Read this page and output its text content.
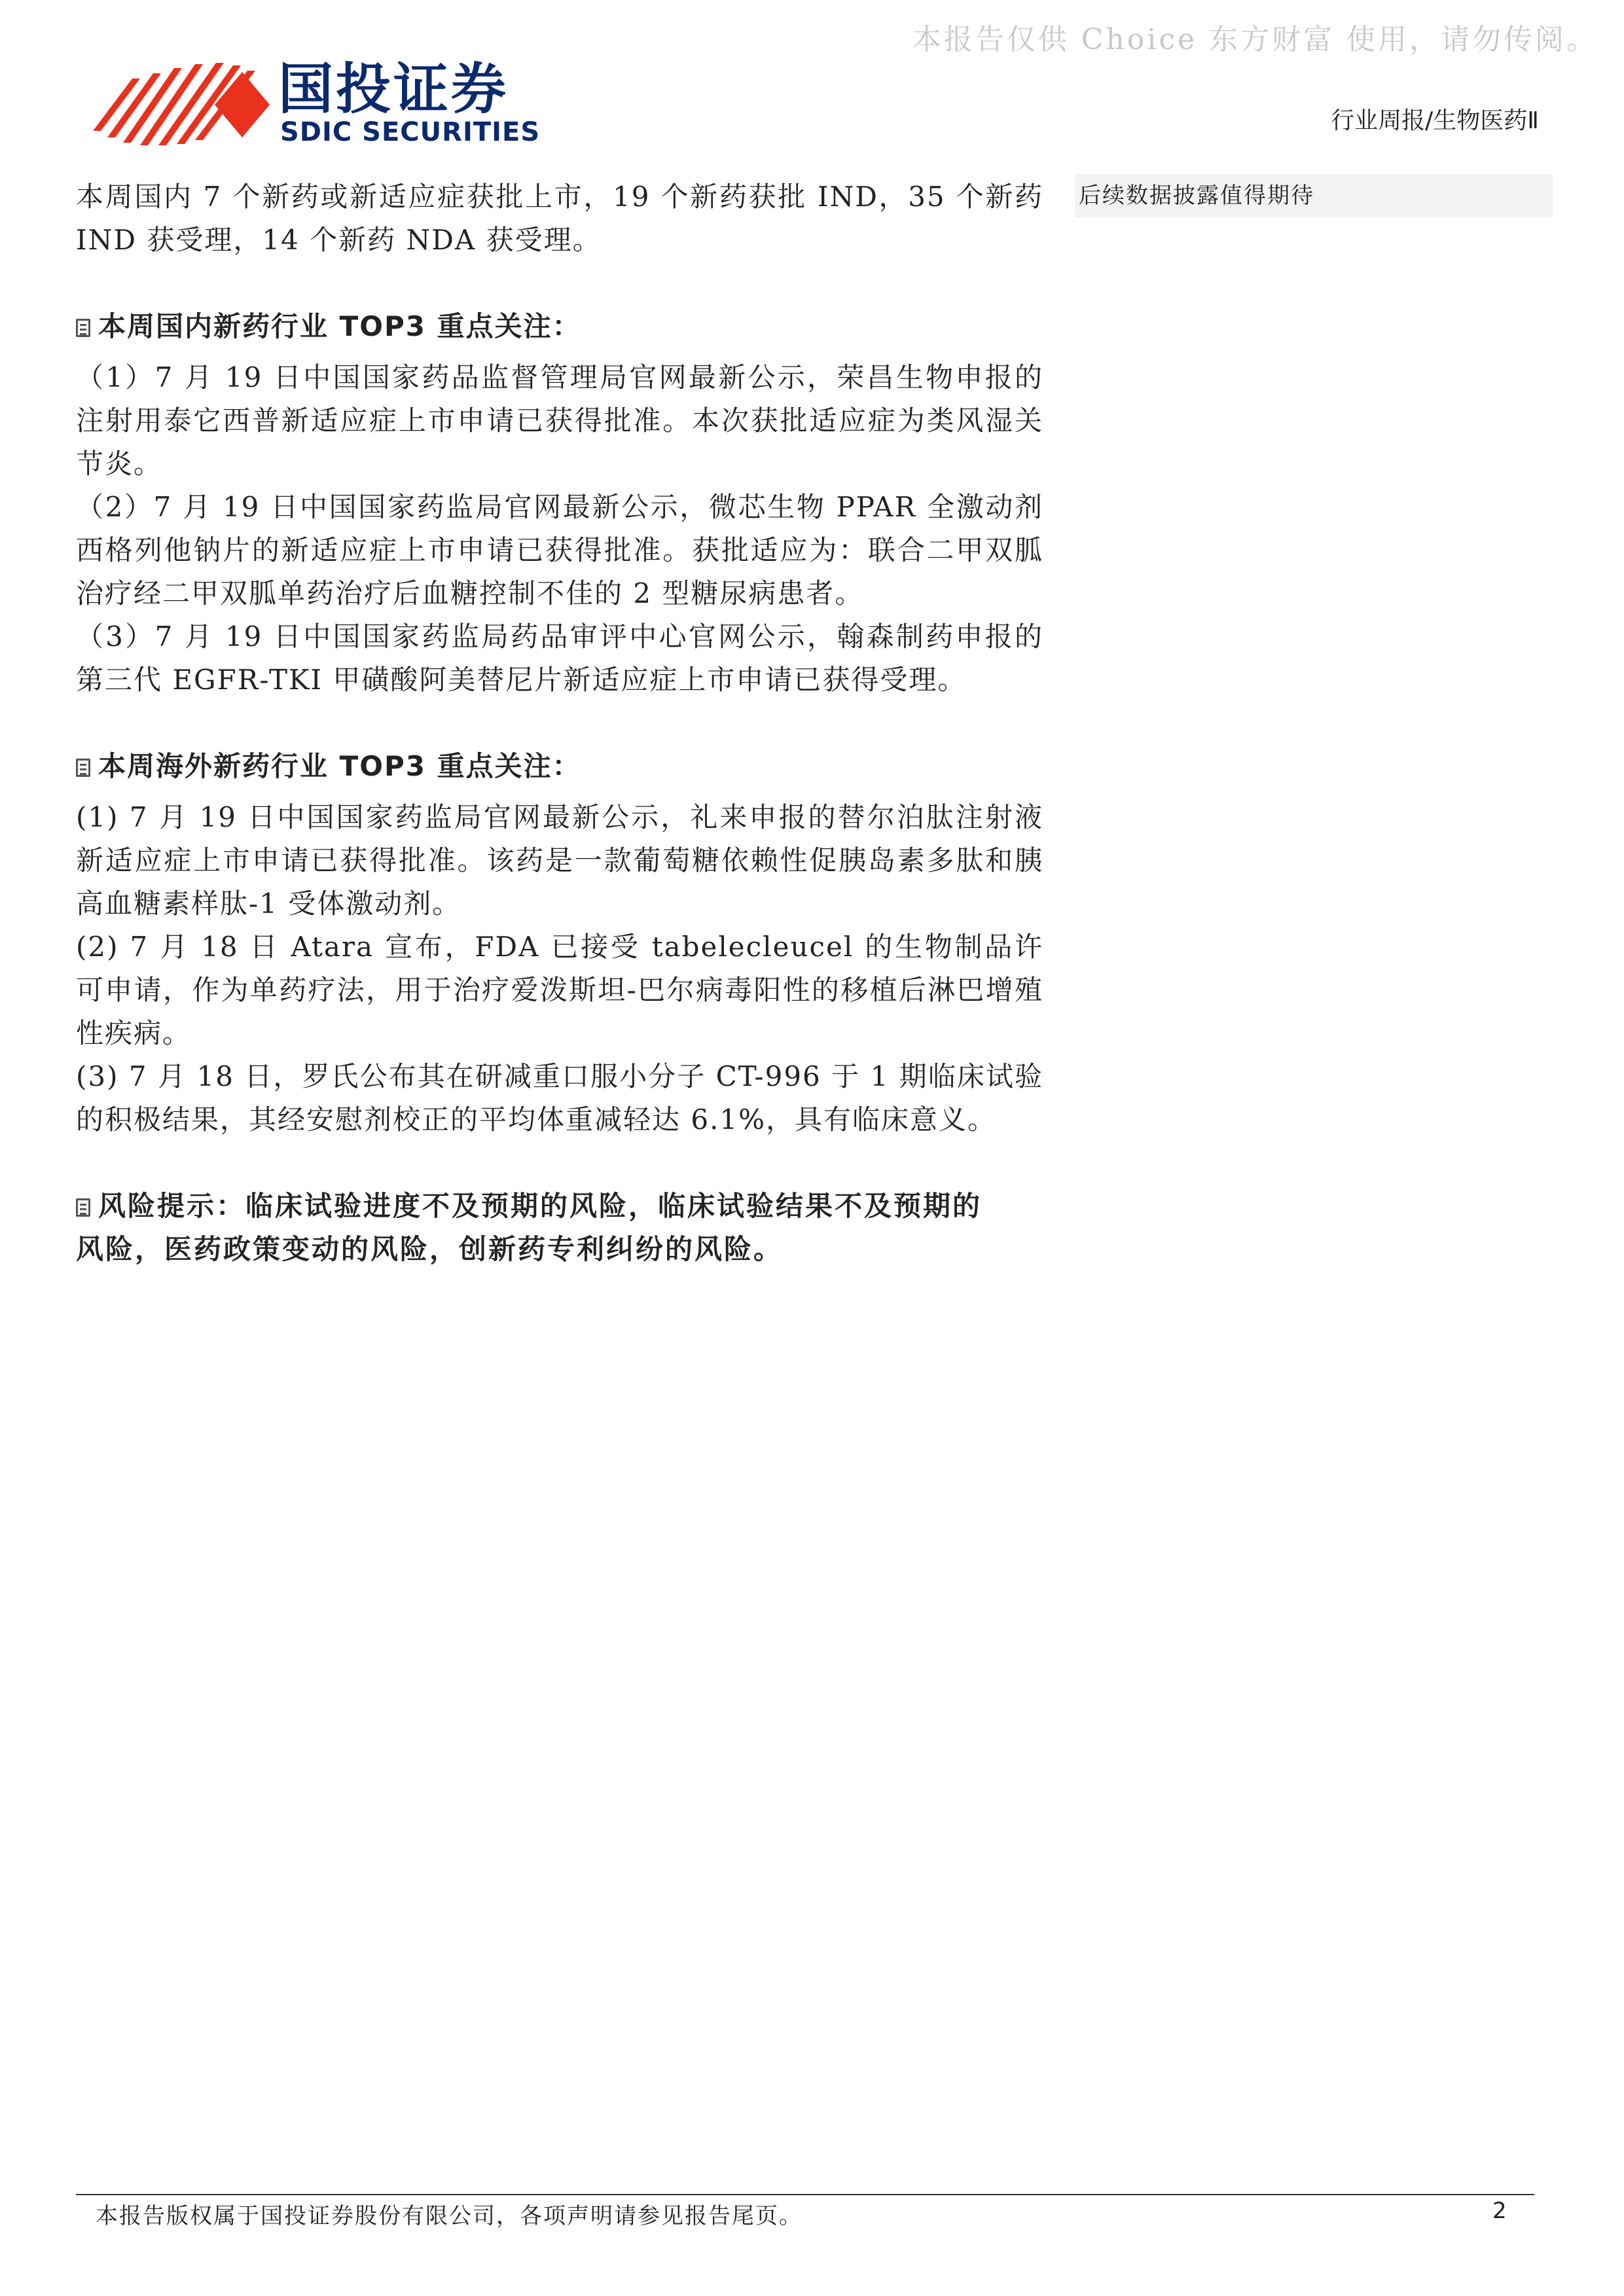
本报告仅供 Choice 东方财富 使用，请勿传阅。
国投证券
SDIC SECURITIES	行业周报/生物医药Ⅱ
后续数据披露值得期待

本周国内 7 个新药或新适应症获批上市，19 个新药获批 IND，35 个新药 IND 获受理，14 个新药 NDA 获受理。

本周国内新药行业 TOP3 重点关注：

（1）7 月 19 日中国国家药品监督管理局官网最新公示，荣昌生物申报的注射用泰它西普新适应症上市申请已获得批准。本次获批适应症为类风湿关节炎。

（2）7 月 19 日中国国家药监局官网最新公示，微芯生物 PPAR 全激动剂西格列他钠片的新适应症上市申请已获得批准。获批适应为：联合二甲双胍治疗经二甲双胍单药治疗后血糖控制不佳的 2 型糖尿病患者。

（3）7 月 19 日中国国家药监局药品审评中心官网公示，翰森制药申报的第三代 EGFR-TKI 甲磺酸阿美替尼片新适应症上市申请已获得受理。

本周海外新药行业 TOP3 重点关注：

(1) 7 月 19 日中国国家药监局官网最新公示，礼来申报的替尔泊肽注射液新适应症上市申请已获得批准。该药是一款葡萄糖依赖性促胰岛素多肽和胰高血糖素样肽-1 受体激动剂。

(2) 7 月 18 日 Atara 宣布，FDA 已接受 tabelecleucel 的生物制品许可申请，作为单药疗法，用于治疗爱泼斯坦-巴尔病毒阳性的移植后淋巴增殖性疾病。

(3) 7 月 18 日，罗氏公布其在研减重口服小分子 CT-996 于 1 期临床试验的积极结果，其经安慰剂校正的平均体重减轻达 6.1%，具有临床意义。

风险提示：临床试验进度不及预期的风险，临床试验结果不及预期的风险，医药政策变动的风险，创新药专利纠纷的风险。
本报告版权属于国投证券股份有限公司，各项声明请参见报告尾页。	2
